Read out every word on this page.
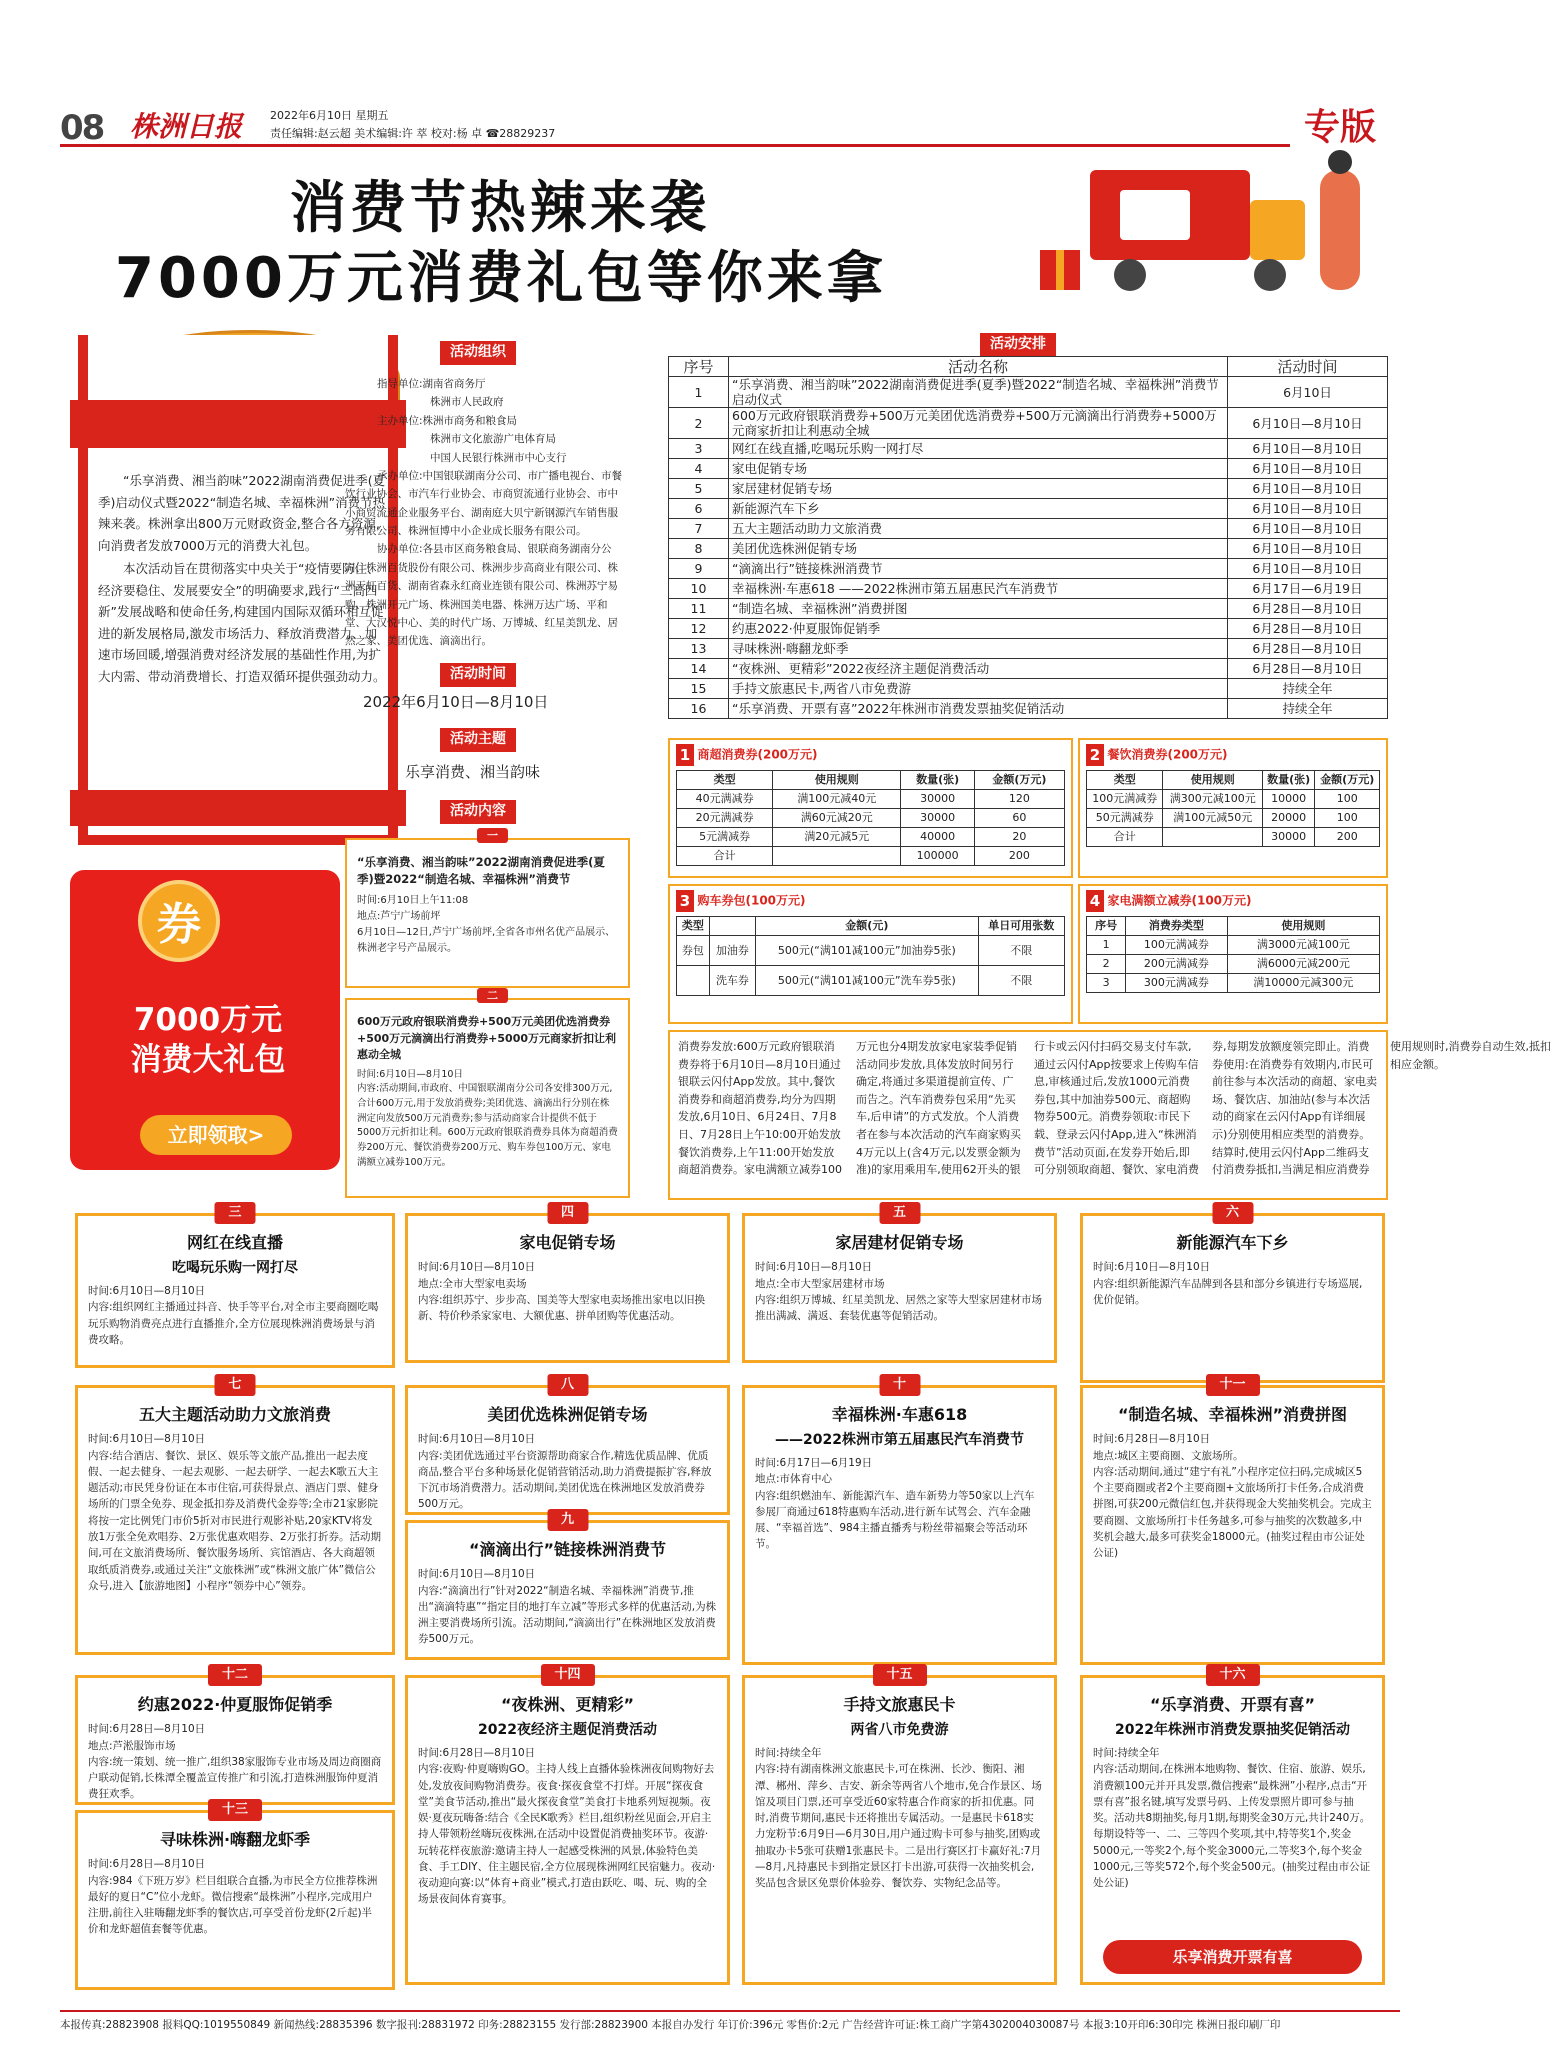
08 株洲日报	2022年6月10日 星期五
责任编辑:赵云超 美术编辑:许 萃 校对:杨 卓 ☎28829237	专版
消费节热辣来袭
7000万元消费礼包等你来拿

“乐享消费、湘当韵味”2022湖南消费促进季(夏季)启动仪式暨2022“制造名城、幸福株洲”消费节热辣来袭。株洲拿出800万元财政资金,整合各方资源,向消费者发放7000万元的消费大礼包。

本次活动旨在贯彻落实中央关于“疫情要防住、经济要稳住、发展要安全”的明确要求,践行“三高四新”发展战略和使命任务,构建国内国际双循环相互促进的新发展格局,激发市场活力、释放消费潜力、加速市场回暖,增强消费对经济发展的基础性作用,为扩大内需、带动消费增长、打造双循环提供强劲动力。

券
7000万元
消费大礼包
立即领取>
活动组织
指导单位:湖南省商务厅
株洲市人民政府
主办单位:株洲市商务和粮食局
株洲市文化旅游广电体育局
中国人民银行株洲市中心支行
承办单位:中国银联湖南分公司、市广播电视台、市餐饮行业协会、市汽车行业协会、市商贸流通行业协会、市中小商贸流通企业服务平台、湖南庭大贝宁新钢源汽车销售服务有限公司、株洲恒博中小企业成长服务有限公司。
协办单位:各县市区商务粮食局、银联商务湖南分公司、株洲百货股份有限公司、株洲步步高商业有限公司、株洲天虹百货、湖南省森永红商业连锁有限公司、株洲苏宁易购、株洲开元广场、株洲国美电器、株洲万达广场、平和堂、大汉悦中心、美的时代广场、万博城、红星美凯龙、居然之家、美团优选、滴滴出行。
活动时间
2022年6月10日—8月10日
活动主题
乐享消费、湘当韵味
活动内容
一
“乐享消费、湘当韵味”2022湖南消费促进季(夏季)暨2022“制造名城、幸福株洲”消费节
时间:6月10日上午11:08
地点:芦宁广场前坪
6月10日—12日,芦宁广场前坪,全省各市州名优产品展示、株洲老字号产品展示。
二
600万元政府银联消费券+500万元美团优选消费券+500万元滴滴出行消费券+5000万元商家折扣让利惠动全城
时间:6月10日—8月10日
内容:活动期间,市政府、中国银联湖南分公司各安排300万元,合计600万元,用于发放消费券;美团优选、滴滴出行分别在株洲定向发放500万元消费券;参与活动商家合计提供不低于5000万元折扣让利。600万元政府银联消费券具体为商超消费券200万元、餐饮消费券200万元、购车券包100万元、家电满额立减券100万元。
活动安排
序号	活动名称	活动时间
1	“乐享消费、湘当韵味”2022湖南消费促进季(夏季)暨2022“制造名城、幸福株洲”消费节启动仪式	6月10日
2	600万元政府银联消费券+500万元美团优选消费券+500万元滴滴出行消费券+5000万元商家折扣让利惠动全城	6月10日—8月10日
3	网红在线直播,吃喝玩乐购一网打尽	6月10日—8月10日
4	家电促销专场	6月10日—8月10日
5	家居建材促销专场	6月10日—8月10日
6	新能源汽车下乡	6月10日—8月10日
7	五大主题活动助力文旅消费	6月10日—8月10日
8	美团优选株洲促销专场	6月10日—8月10日
9	“滴滴出行”链接株洲消费节	6月10日—8月10日
10	幸福株洲·车惠618 ——2022株洲市第五届惠民汽车消费节	6月17日—6月19日
11	“制造名城、幸福株洲”消费拼图	6月28日—8月10日
12	约惠2022·仲夏服饰促销季	6月28日—8月10日
13	寻味株洲·嗨翻龙虾季	6月28日—8月10日
14	“夜株洲、更精彩”2022夜经济主题促消费活动	6月28日—8月10日
15	手持文旅惠民卡,两省八市免费游	持续全年
16	“乐享消费、开票有喜”2022年株洲市消费发票抽奖促销活动	持续全年
1 商超消费券(200万元)
类型	使用规则	数量(张)	金额(万元)
40元满减券	满100元减40元	30000	120
20元满减券	满60元减20元	30000	60
5元满减券	满20元减5元	40000	20
合计		100000	200
2 餐饮消费券(200万元)
类型	使用规则	数量(张)	金额(万元)
100元满减券	满300元减100元	10000	100
50元满减券	满100元减50元	20000	100
合计		30000	200
3 购车券包(100万元)
类型		金额(元)	单日可用张数
券包	加油券	500元(“满101减100元”加油券5张)	不限
	洗车券	500元(“满101减100元”洗车券5张)	不限
4 家电满额立减券(100万元)
序号	消费券类型	使用规则
1	100元满减券	满3000元减100元
2	200元满减券	满6000元减200元
3	300元满减券	满10000元减300元
消费券发放:600万元政府银联消费券将于6月10日—8月10日通过银联云闪付App发放。其中,餐饮消费券和商超消费券,均分为四期发放,6月10日、6月24日、7月8日、7月28日上午10:00开始发放餐饮消费券,上午11:00开始发放商超消费券。家电满额立减券100万元也分4期发放家电家装季促销活动同步发放,具体发放时间另行确定,将通过多渠道提前宣传、广而告之。汽车消费券包采用“先买车,后申请”的方式发放。个人消费者在参与本次活动的汽车商家购买4万元以上(含4万元,以发票金额为准)的家用乘用车,使用62开头的银行卡或云闪付扫码交易支付车款,通过云闪付App按要求上传购车信息,审核通过后,发放1000元消费券包,其中加油券500元、商超购物券500元。消费券领取:市民下载、登录云闪付App,进入“株洲消费节”活动页面,在发券开始后,即可分别领取商超、餐饮、家电消费券,每期发放额度领完即止。消费券使用:在消费券有效期内,市民可前往参与本次活动的商超、家电卖场、餐饮店、加油站(参与本次活动的商家在云闪付App有详细展示)分别使用相应类型的消费券。结算时,使用云闪付App二维码支付消费券抵扣,当满足相应消费券使用规则时,消费券自动生效,抵扣相应金额。
三
网红在线直播
吃喝玩乐购一网打尽
时间:6月10日—8月10日
内容:组织网红主播通过抖音、快手等平台,对全市主要商圈吃喝玩乐购物消费亮点进行直播推介,全方位展现株洲消费场景与消费攻略。
四
家电促销专场
时间:6月10日—8月10日
地点:全市大型家电卖场
内容:组织苏宁、步步高、国美等大型家电卖场推出家电以旧换新、特价秒杀家家电、大额优惠、拼单团购等优惠活动。
五
家居建材促销专场
时间:6月10日—8月10日
地点:全市大型家居建材市场
内容:组织万博城、红星美凯龙、居然之家等大型家居建材市场推出满减、满返、套装优惠等促销活动。
六
新能源汽车下乡
时间:6月10日—8月10日
内容:组织新能源汽车品牌到各县和部分乡镇进行专场巡展,优价促销。
七
五大主题活动助力文旅消费
时间:6月10日—8月10日
内容:结合酒店、餐饮、景区、娱乐等文旅产品,推出一起去度假、一起去健身、一起去观影、一起去研学、一起去K歌五大主题活动;市民凭身份证在本市住宿,可获得景点、酒店门票、健身场所的门票全免券、现金抵扣券及消费代金券等;全市21家影院将按一定比例凭门市价5折对市民进行观影补贴,20家KTV将发放1万张全免欢唱券、2万张优惠欢唱券、2万张打折券。活动期间,可在文旅消费场所、餐饮服务场所、宾馆酒店、各大商超领取纸质消费券,或通过关注“文旅株洲”或“株洲文旅广体”微信公众号,进入【旅游地图】小程序“领券中心”领券。
八
美团优选株洲促销专场
时间:6月10日—8月10日
内容:美团优选通过平台资源帮助商家合作,精选优质品牌、优质商品,整合平台多种场景化促销营销活动,助力消费提振扩容,释放下沉市场消费潜力。活动期间,美团优选在株洲地区发放消费券500万元。
九
“滴滴出行”链接株洲消费节
时间:6月10日—8月10日
内容:“滴滴出行”针对2022“制造名城、幸福株洲”消费节,推出“滴滴特惠”“指定目的地打车立减”等形式多样的优惠活动,为株洲主要消费场所引流。活动期间,“滴滴出行”在株洲地区发放消费券500万元。
十
幸福株洲·车惠618
——2022株洲市第五届惠民汽车消费节
时间:6月17日—6月19日
地点:市体育中心
内容:组织燃油车、新能源汽车、造车新势力等50家以上汽车参展厂商通过618特惠购车活动,进行新车试驾会、汽车金融展、“幸福首选”、984主播直播秀与粉丝带福聚会等活动环节。
十一
“制造名城、幸福株洲”消费拼图
时间:6月28日—8月10日
地点:城区主要商圈、文旅场所。
内容:活动期间,通过“建宁有礼”小程序定位扫码,完成城区5个主要商圈或者2个主要商圈+文旅场所打卡任务,合成消费拼图,可获200元微信红包,并获得现金大奖抽奖机会。完成主要商圈、文旅场所打卡任务越多,可参与抽奖的次数越多,中奖机会越大,最多可获奖金18000元。(抽奖过程由市公证处公证)
十二
约惠2022·仲夏服饰促销季
时间:6月28日—8月10日
地点:芦淞服饰市场
内容:统一策划、统一推广,组织38家服饰专业市场及周边商圈商户联动促销,长株潭全覆盖宣传推广和引流,打造株洲服饰仲夏消费狂欢季。
十三
寻味株洲·嗨翻龙虾季
时间:6月28日—8月10日
内容:984《下班万岁》栏目组联合直播,为市民全方位推荐株洲最好的夏日“C”位小龙虾。微信搜索“最株洲”小程序,完成用户注册,前往入驻嗨翻龙虾季的餐饮店,可享受首份龙虾(2斤起)半价和龙虾超值套餐等优惠。
十四
“夜株洲、更精彩”
2022夜经济主题促消费活动
时间:6月28日—8月10日
内容:夜购·仲夏嗨购GO。主持人线上直播体验株洲夜间购物好去处,发放夜间购物消费券。夜食·探夜食堂不打烊。开展“探夜食堂”美食节活动,推出“最火探夜食堂”美食打卡地系列短视频。夜娱·夏夜玩嗨备:结合《全民K歌秀》栏目,组织粉丝见面会,开启主持人带领粉丝嗨玩夜株洲,在活动中设置促消费抽奖环节。夜游·玩转花样夜旅游:邀请主持人一起感受株洲的风景,体验特色美食、手工DIY、住主题民宿,全方位展现株洲网红民宿魅力。夜动·夜动迎向赛:以“体育+商业”模式,打造由跃吃、喝、玩、购的全场景夜间体育赛事。
十五
手持文旅惠民卡
两省八市免费游
时间:持续全年
内容:持有湖南株洲文旅惠民卡,可在株洲、长沙、衡阳、湘潭、郴州、萍乡、吉安、新余等两省八个地市,免合作景区、场馆及项目门票,还可享受近60家特惠合作商家的折扣优惠。同时,消费节期间,惠民卡还将推出专属活动。一是惠民卡618实力宠粉节:6月9日—6月30日,用户通过购卡可参与抽奖,团购或抽取办卡5张可获赠1张惠民卡。二是出行赛区打卡赢好礼:7月—8月,凡持惠民卡到指定景区打卡出游,可获得一次抽奖机会,奖品包含景区免票价体验券、餐饮券、实物纪念品等。
十六
“乐享消费、开票有喜”
2022年株洲市消费发票抽奖促销活动
时间:持续全年
内容:活动期间,在株洲本地购物、餐饮、住宿、旅游、娱乐,消费额100元并开具发票,微信搜索“最株洲”小程序,点击“开票有喜”报名键,填写发票号码、上传发票照片即可参与抽奖。活动共8期抽奖,每月1期,每期奖金30万元,共计240万。每期设特等一、二、三等四个奖项,其中,特等奖1个,奖金5000元,一等奖2个,每个奖金3000元,二等奖3个,每个奖金1000元,三等奖572个,每个奖金500元。(抽奖过程由市公证处公证)
乐享消费开票有喜
本报传真:28823908 报料QQ:1019550849 新闻热线:28835396 数字报刊:28831972 印务:28823155 发行部:28823900 本报自办发行 年订价:396元 零售价:2元 广告经营许可证:株工商广字第4302004030087号 本报3:10开印6:30印完 株洲日报印刷厂印
